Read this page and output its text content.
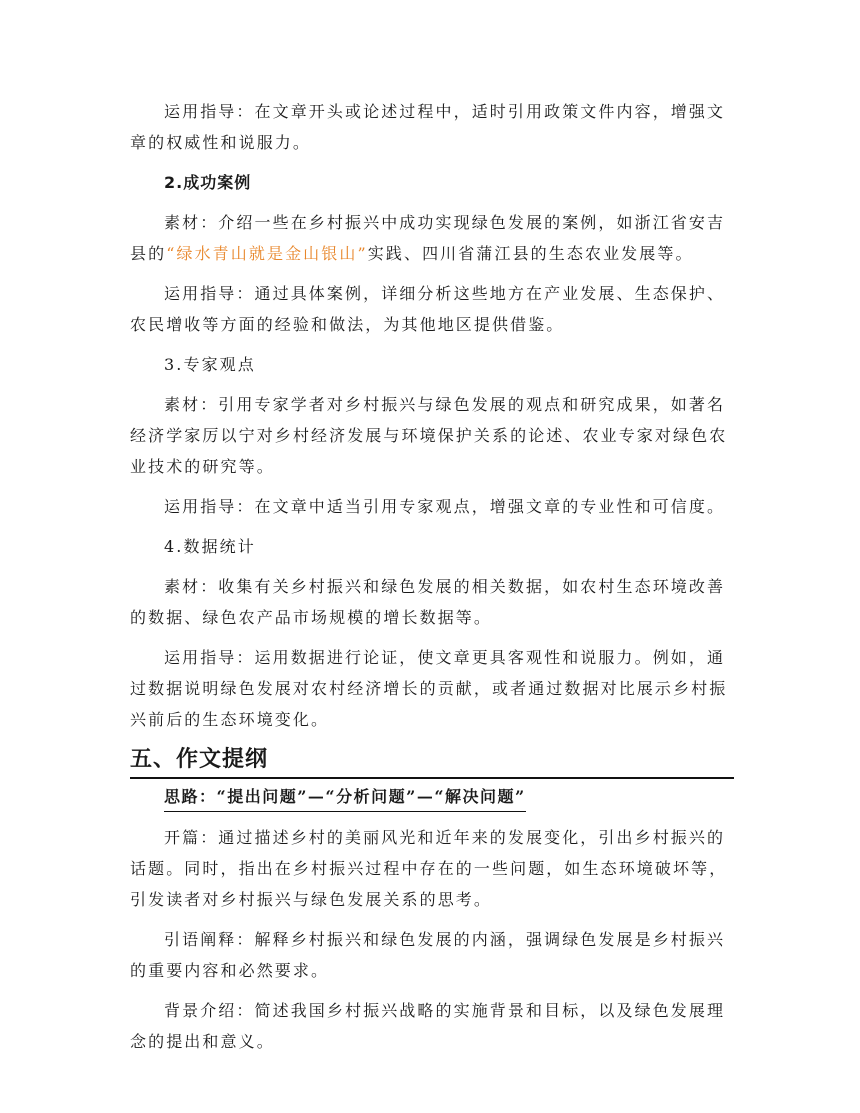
运用指导：在文章开头或论述过程中，适时引用政策文件内容，增强文章的权威性和说服力。

2.成功案例

素材：介绍一些在乡村振兴中成功实现绿色发展的案例，如浙江省安吉县的“绿水青山就是金山银山”实践、四川省蒲江县的生态农业发展等。

运用指导：通过具体案例，详细分析这些地方在产业发展、生态保护、农民增收等方面的经验和做法，为其他地区提供借鉴。

3.专家观点

素材：引用专家学者对乡村振兴与绿色发展的观点和研究成果，如著名经济学家厉以宁对乡村经济发展与环境保护关系的论述、农业专家对绿色农业技术的研究等。

运用指导：在文章中适当引用专家观点，增强文章的专业性和可信度。

4.数据统计

素材：收集有关乡村振兴和绿色发展的相关数据，如农村生态环境改善的数据、绿色农产品市场规模的增长数据等。

运用指导：运用数据进行论证，使文章更具客观性和说服力。例如，通过数据说明绿色发展对农村经济增长的贡献，或者通过数据对比展示乡村振兴前后的生态环境变化。

五、作文提纲
思路：“提出问题”—“分析问题”—“解决问题”

开篇：通过描述乡村的美丽风光和近年来的发展变化，引出乡村振兴的话题。同时，指出在乡村振兴过程中存在的一些问题，如生态环境破坏等，引发读者对乡村振兴与绿色发展关系的思考。

引语阐释：解释乡村振兴和绿色发展的内涵，强调绿色发展是乡村振兴的重要内容和必然要求。

背景介绍：简述我国乡村振兴战略的实施背景和目标，以及绿色发展理念的提出和意义。
